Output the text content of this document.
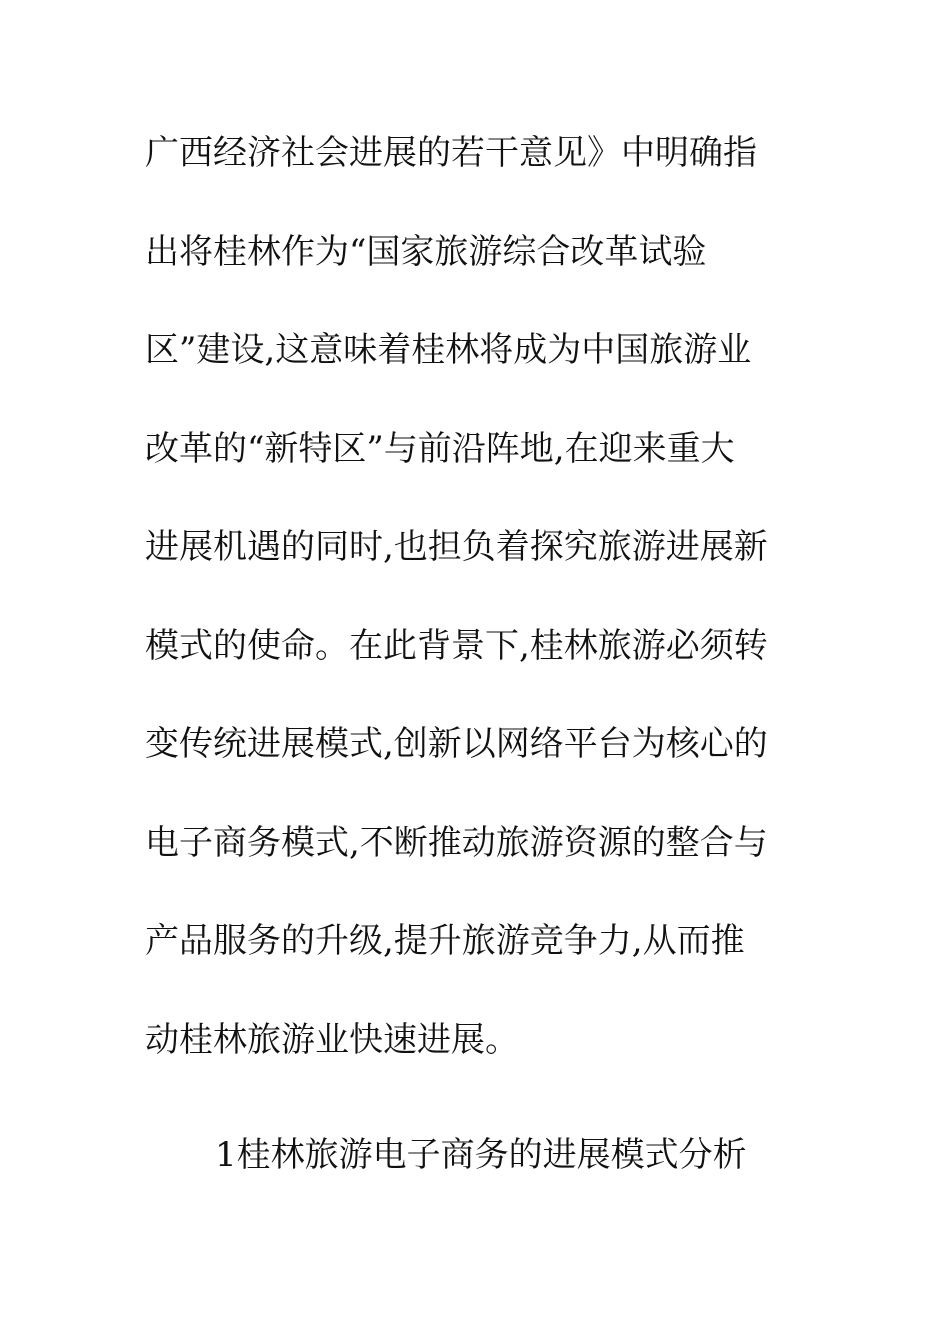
广西经济社会进展的若干意见》中明确指
出将桂林作为“国家旅游综合改革试验
区”建设,这意味着桂林将成为中国旅游业
改革的“新特区”与前沿阵地,在迎来重大
进展机遇的同时,也担负着探究旅游进展新
模式的使命。在此背景下,桂林旅游必须转
变传统进展模式,创新以网络平台为核心的
电子商务模式,不断推动旅游资源的整合与
产品服务的升级,提升旅游竞争力,从而推
动桂林旅游业快速进展。
1桂林旅游电子商务的进展模式分析
